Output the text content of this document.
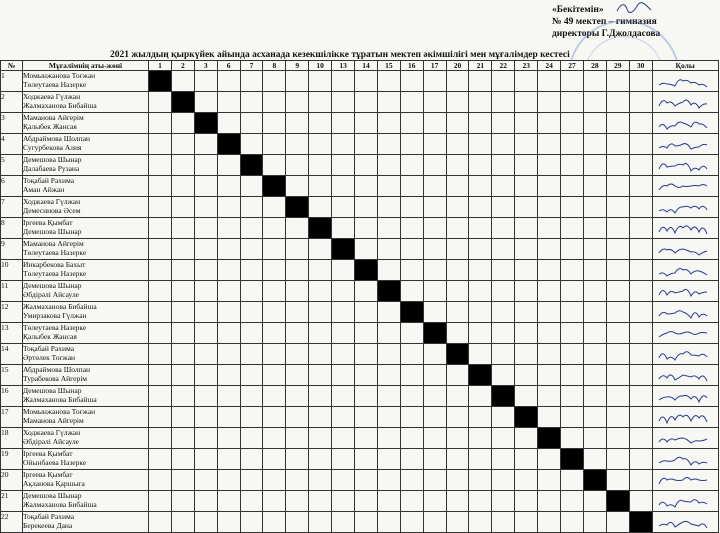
«Бекітемін»
№ 49 мектеп – гимназия
директоры Г.Джолдасова
2021 жылдың қыркүйек айында асханада кезекшілікке тұратын мектеп әкімшілігі мен мұғалімдер кестесі
№	Мұғалімнің аты-жөні	1	2	3	6	7	8	9	10	13	14	15	16	17	20	21	22	23	24	27	28	29	30	Қолы
1	Момынжанова Тоғжан
Төлеутаева Назерке

2	Ходжаева Гүлжан
Жалмаханова Бибайша

3	Маманова Айгерім
Қалыбек Жансая

4	Абдраймова Шолпан
Сугурбекова Алия

5	Демешова Шынар
Далабаева Рузана

6	Тоқабай Рахима
Аман Айжан

7	Ходжаева Гүлжан
Демесинова Әсем

8	Іргеева Қымбат
Демешова Шынар

9	Маманова Айгерім
Төлеутаева Назерке

10	Инкарбекова Бахыт
Төлеутаева Назерке

11	Демешова Шынар
Әбдірәлі Айсауле

12	Жалмаханова Бибайша
Умирзакова Гүлжан

13	Төлеутаева Назерке
Қалыбек Жансая

14	Тоқабай Рахима
Әртөлек Тоғжан

15	Абдраймова Шолпан
Турабекова Айгерім

16	Демешова Шынар
Жалмаханова Бибайша

17	Момынжанова Тоғжан
Маманова Айгерім

18	Ходжаева Гүлжан
Әбдірәлі Айсауле

19	Іргеева Қымбат
Ойынбаева Назерке

20	Іргеева Қымбат
Ақланова Қаршыға

21	Демешова Шынар
Жалмаханова Бибайша

22	Тоқабай Рахима
Берекеева Дана
